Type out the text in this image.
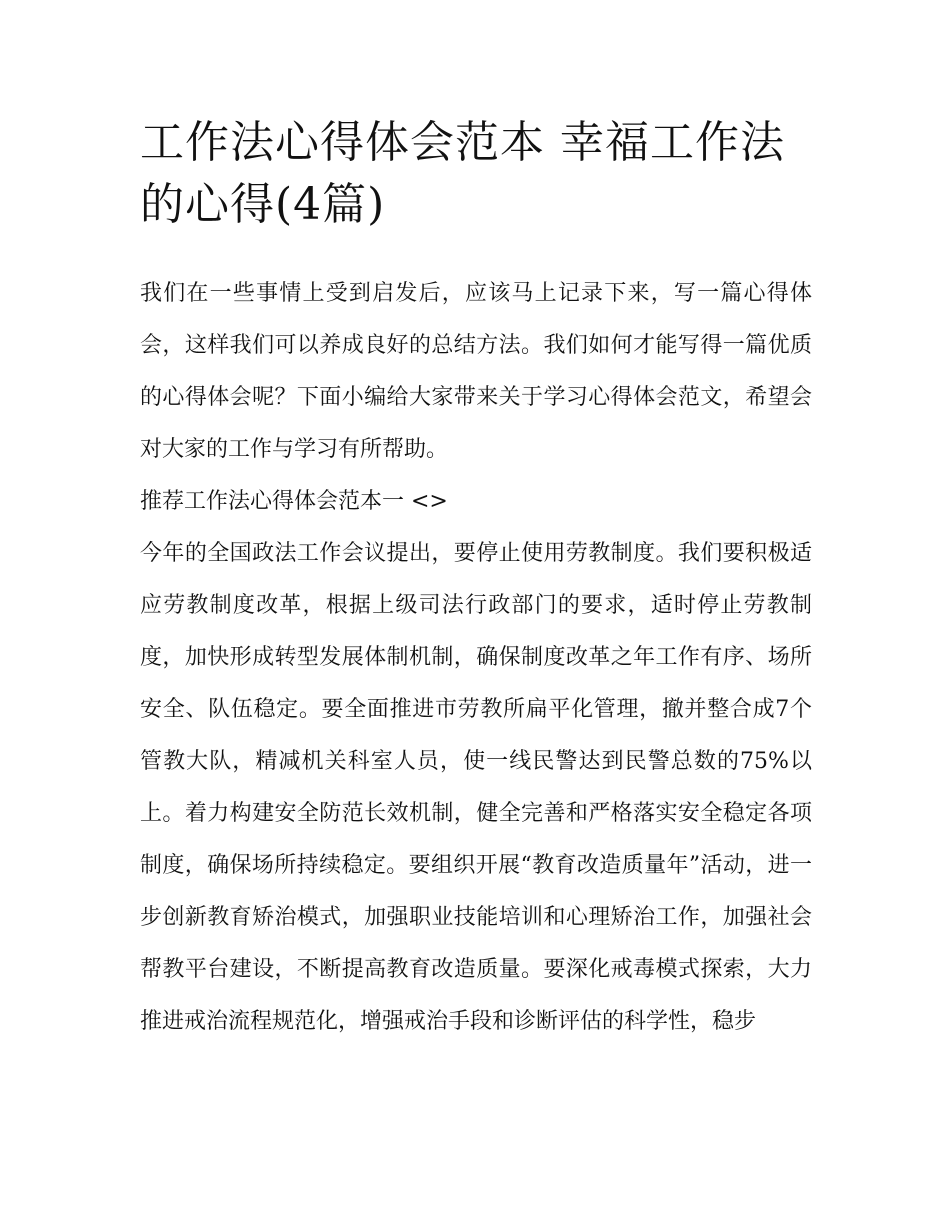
工作法心得体会范本 幸福工作法的心得(4篇)

我们在一些事情上受到启发后，应该马上记录下来，写一篇心得体会，这样我们可以养成良好的总结方法。我们如何才能写得一篇优质的心得体会呢？下面小编给大家带来关于学习心得体会范文，希望会对大家的工作与学习有所帮助。

推荐工作法心得体会范本一 <>

今年的全国政法工作会议提出，要停止使用劳教制度。我们要积极适应劳教制度改革，根据上级司法行政部门的要求，适时停止劳教制度，加快形成转型发展体制机制，确保制度改革之年工作有序、场所安全、队伍稳定。要全面推进市劳教所扁平化管理，撤并整合成7个管教大队，精减机关科室人员，使一线民警达到民警总数的75%以上。着力构建安全防范长效机制，健全完善和严格落实安全稳定各项制度，确保场所持续稳定。要组织开展“教育改造质量年”活动，进一步创新教育矫治模式，加强职业技能培训和心理矫治工作，加强社会帮教平台建设，不断提高教育改造质量。要深化戒毒模式探索，大力推进戒治流程规范化，增强戒治手段和诊断评估的科学性，稳步
